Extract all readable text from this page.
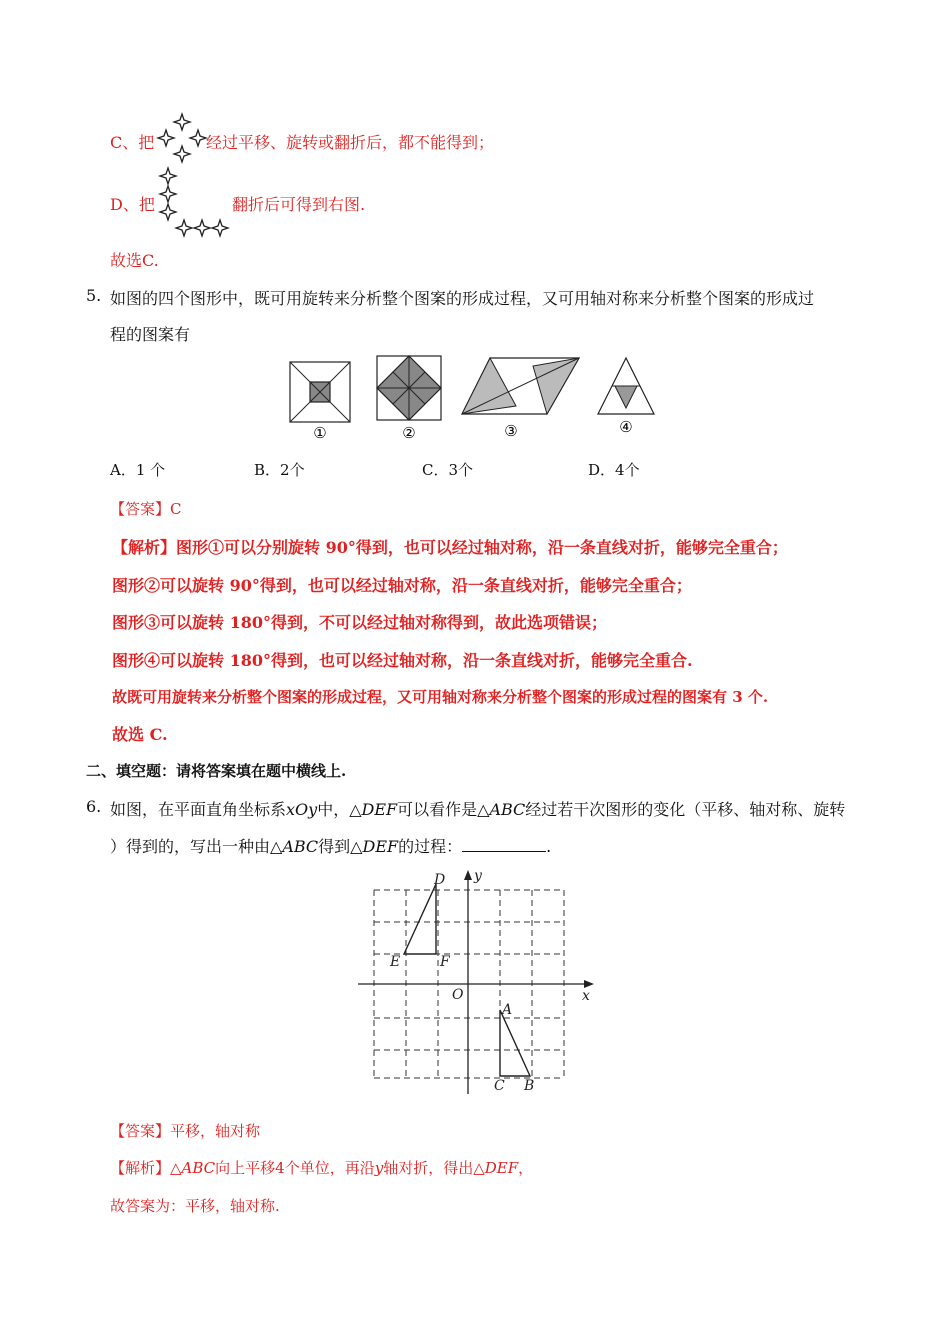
C、把	经过平移、旋转或翻折后，都不能得到；
D、把	翻折后可得到右图.
故选C.
5. 如图的四个图形中，既可用旋转来分析整个图案的形成过程，又可用轴对称来分析整个图案的形成过
程的图案有
①	②	③	④
A．1 个	B．2个	C．3个	D．4个
【答案】C
【解析】图形①可以分别旋转 90°得到，也可以经过轴对称，沿一条直线对折，能够完全重合；
图形②可以旋转 90°得到，也可以经过轴对称，沿一条直线对折，能够完全重合；
图形③可以旋转 180°得到，不可以经过轴对称得到，故此选项错误；
图形④可以旋转 180°得到，也可以经过轴对称，沿一条直线对折，能够完全重合.
故既可用旋转来分析整个图案的形成过程，又可用轴对称来分析整个图案的形成过程的图案有 3 个.
故选 C.
二、填空题：请将答案填在题中横线上.
6. 如图，在平面直角坐标系xOy中，△DEF可以看作是△ABC经过若干次图形的变化（平移、轴对称、旋转
）得到的，写出一种由△ABC得到△DEF的过程：	.
D
E	F
O
A
B
C
x
y
【答案】平移，轴对称
【解析】△ABC向上平移4个单位，再沿y轴对折，得出△DEF，
故答案为：平移，轴对称.
